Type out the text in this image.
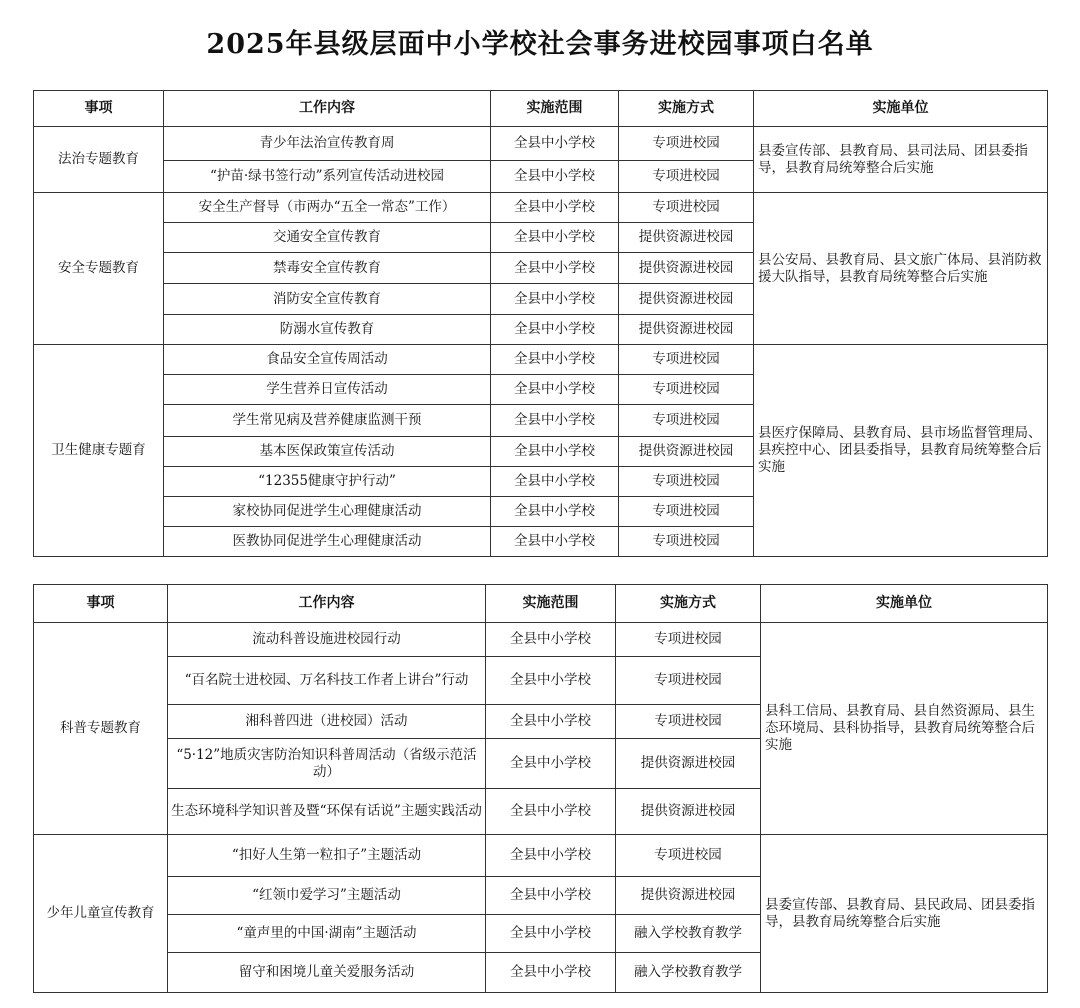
2025年县级层面中小学校社会事务进校园事项白名单
事项	工作内容	实施范围	实施方式	实施单位
法治专题教育	青少年法治宣传教育周	全县中小学校	专项进校园	县委宣传部、县教育局、县司法局、团县委指导，县教育局统筹整合后实施
	“护苗·绿书签行动”系列宣传活动进校园	全县中小学校	专项进校园	
安全专题教育	安全生产督导（市两办“五全一常态”工作）	全县中小学校	专项进校园	县公安局、县教育局、县文旅广体局、县消防救援大队指导，县教育局统筹整合后实施
	交通安全宣传教育	全县中小学校	提供资源进校园	
	禁毒安全宣传教育	全县中小学校	提供资源进校园	
	消防安全宣传教育	全县中小学校	提供资源进校园	
	防溺水宣传教育	全县中小学校	提供资源进校园	
卫生健康专题育	食品安全宣传周活动	全县中小学校	专项进校园	县医疗保障局、县教育局、县市场监督管理局、县疾控中心、团县委指导，县教育局统筹整合后实施
	学生营养日宣传活动	全县中小学校	专项进校园	
	学生常见病及营养健康监测干预	全县中小学校	专项进校园	
	基本医保政策宣传活动	全县中小学校	提供资源进校园	
	“12355健康守护行动”	全县中小学校	专项进校园	
	家校协同促进学生心理健康活动	全县中小学校	专项进校园	
	医教协同促进学生心理健康活动	全县中小学校	专项进校园	
事项	工作内容	实施范围	实施方式	实施单位
科普专题教育	流动科普设施进校园行动	全县中小学校	专项进校园	县科工信局、县教育局、县自然资源局、县生态环境局、县科协指导，县教育局统筹整合后实施
	“百名院士进校园、万名科技工作者上讲台”行动	全县中小学校	专项进校园	
	湘科普四进（进校园）活动	全县中小学校	专项进校园	
	“5·12”地质灾害防治知识科普周活动（省级示范活动）	全县中小学校	提供资源进校园	
	生态环境科学知识普及暨“环保有话说”主题实践活动	全县中小学校	提供资源进校园	
少年儿童宣传教育	“扣好人生第一粒扣子”主题活动	全县中小学校	专项进校园	县委宣传部、县教育局、县民政局、团县委指导，县教育局统筹整合后实施
	“红领巾爱学习”主题活动	全县中小学校	提供资源进校园	
	“童声里的中国·湖南”主题活动	全县中小学校	融入学校教育教学	
	留守和困境儿童关爱服务活动	全县中小学校	融入学校教育教学	
